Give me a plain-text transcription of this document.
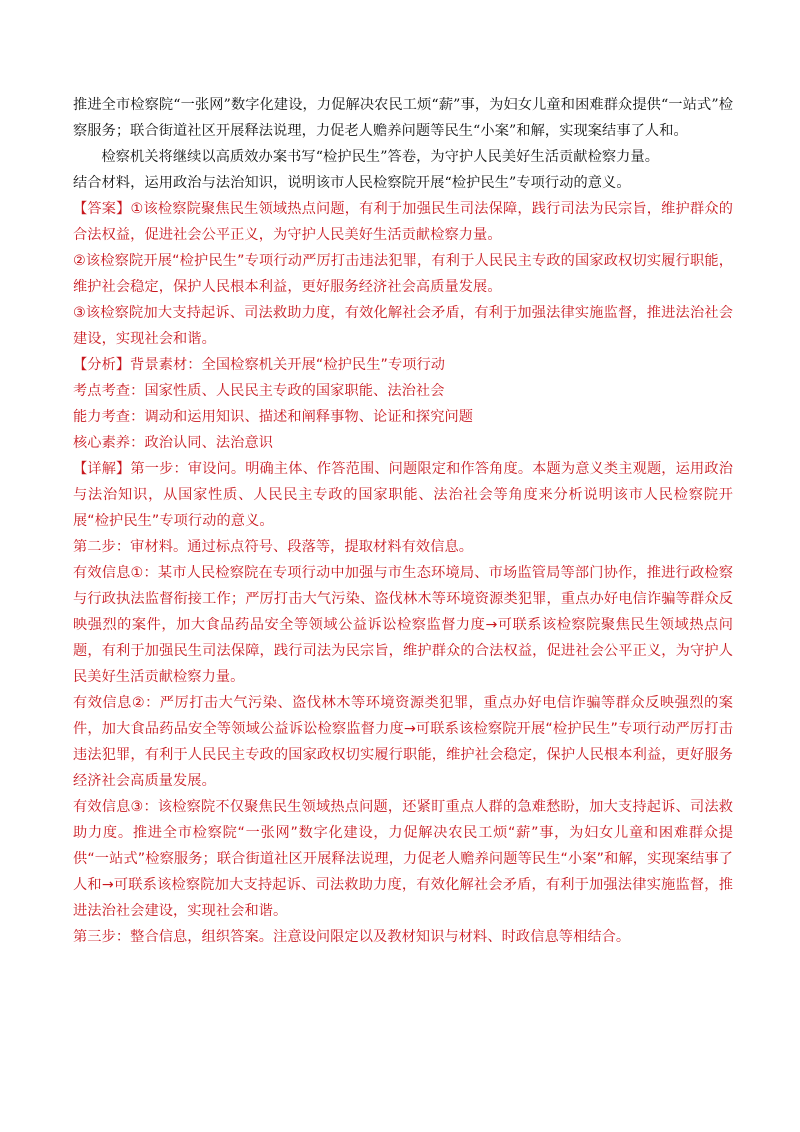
推进全市检察院“一张网”数字化建设，力促解决农民工烦“薪”事，为妇女儿童和困难群众提供“一站式”检察服务；联合街道社区开展释法说理，力促老人赡养问题等民生“小案”和解，实现案结事了人和。

检察机关将继续以高质效办案书写“检护民生”答卷，为守护人民美好生活贡献检察力量。

结合材料，运用政治与法治知识，说明该市人民检察院开展“检护民生”专项行动的意义。

【答案】①该检察院聚焦民生领域热点问题，有利于加强民生司法保障，践行司法为民宗旨，维护群众的合法权益，促进社会公平正义，为守护人民美好生活贡献检察力量。

②该检察院开展“检护民生”专项行动严厉打击违法犯罪，有利于人民民主专政的国家政权切实履行职能，维护社会稳定，保护人民根本利益，更好服务经济社会高质量发展。

③该检察院加大支持起诉、司法救助力度，有效化解社会矛盾，有利于加强法律实施监督，推进法治社会建设，实现社会和谐。

【分析】背景素材：全国检察机关开展“检护民生”专项行动

考点考查：国家性质、人民民主专政的国家职能、法治社会

能力考查：调动和运用知识、描述和阐释事物、论证和探究问题

核心素养：政治认同、法治意识

【详解】第一步：审设问。明确主体、作答范围、问题限定和作答角度。本题为意义类主观题，运用政治与法治知识，从国家性质、人民民主专政的国家职能、法治社会等角度来分析说明该市人民检察院开展“检护民生”专项行动的意义。

第二步：审材料。通过标点符号、段落等，提取材料有效信息。

有效信息①：某市人民检察院在专项行动中加强与市生态环境局、市场监管局等部门协作，推进行政检察与行政执法监督衔接工作；严厉打击大气污染、盗伐林木等环境资源类犯罪，重点办好电信诈骗等群众反映强烈的案件，加大食品药品安全等领域公益诉讼检察监督力度→可联系该检察院聚焦民生领域热点问题，有利于加强民生司法保障，践行司法为民宗旨，维护群众的合法权益，促进社会公平正义，为守护人民美好生活贡献检察力量。

有效信息②：严厉打击大气污染、盗伐林木等环境资源类犯罪，重点办好电信诈骗等群众反映强烈的案件，加大食品药品安全等领域公益诉讼检察监督力度→可联系该检察院开展“检护民生”专项行动严厉打击违法犯罪，有利于人民民主专政的国家政权切实履行职能，维护社会稳定，保护人民根本利益，更好服务经济社会高质量发展。

有效信息③：该检察院不仅聚焦民生领域热点问题，还紧盯重点人群的急难愁盼，加大支持起诉、司法救助力度。推进全市检察院“一张网”数字化建设，力促解决农民工烦“薪”事，为妇女儿童和困难群众提供“一站式”检察服务；联合街道社区开展释法说理，力促老人赡养问题等民生“小案”和解，实现案结事了人和→可联系该检察院加大支持起诉、司法救助力度，有效化解社会矛盾，有利于加强法律实施监督，推进法治社会建设，实现社会和谐。

第三步：整合信息，组织答案。注意设问限定以及教材知识与材料、时政信息等相结合。
